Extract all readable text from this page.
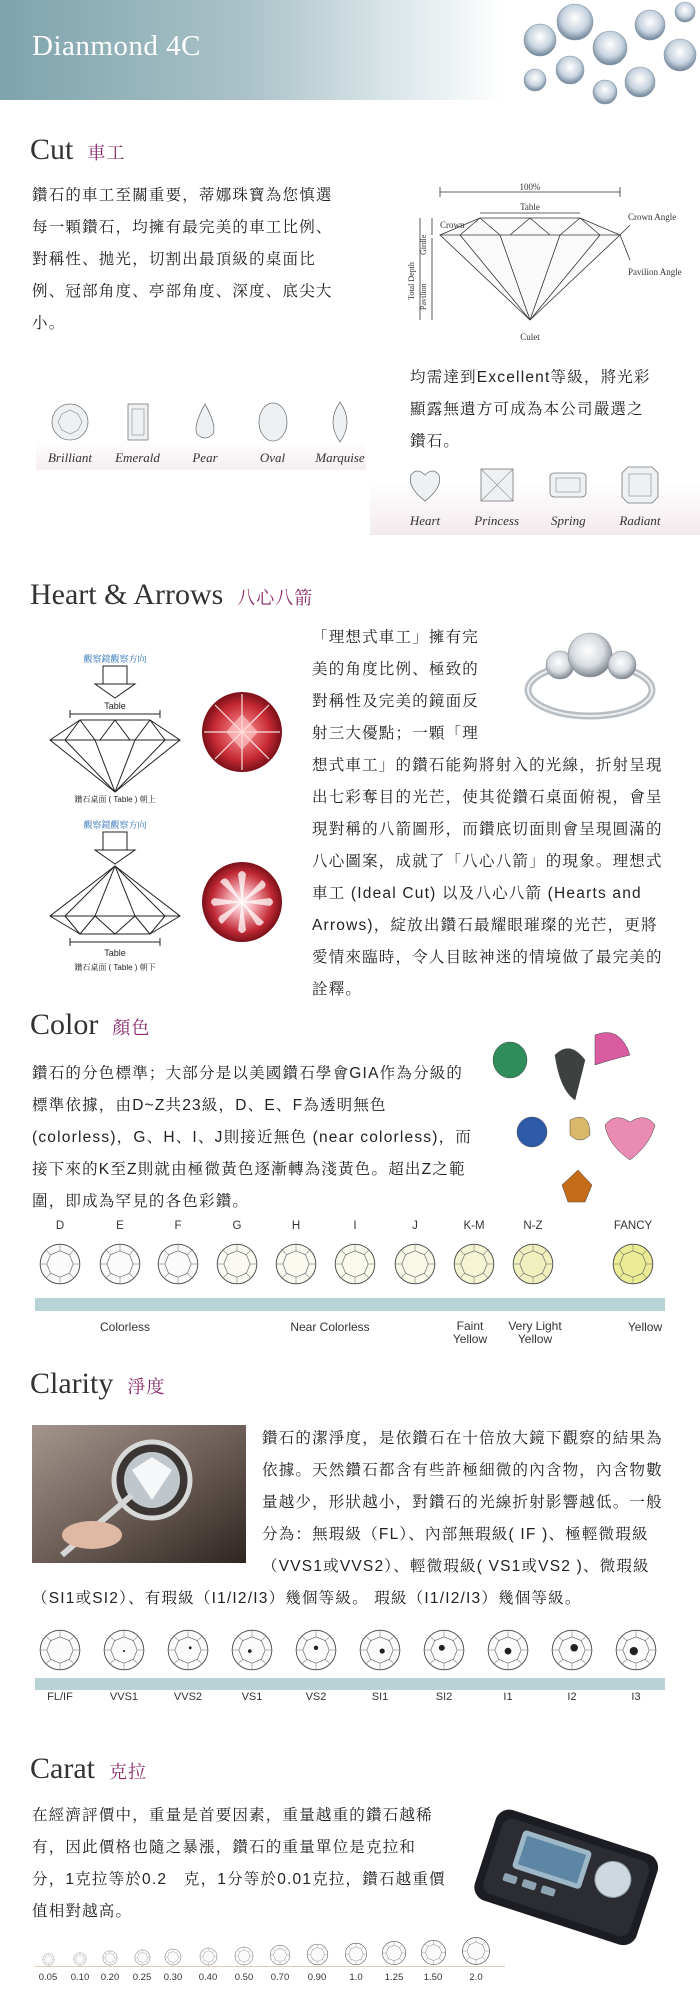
Dianmond 4C
Cut 車工
鑽石的車工至關重要，蒂娜珠寶為您慎選每一顆鑽石，均擁有最完美的車工比例、對稱性、拋光，切割出最頂級的桌面比例、冠部角度、亭部角度、深度、底尖大小。
100%
Table
Crown
Crown Angle
Pavilion Angle
Culet
Total Depth
Girdle
Pavilion
均需達到Excellent等級，將光彩顯露無遺方可成為本公司嚴選之鑽石。
Brilliant Emerald Pear	Oval Marquise
Heart	Princess Spring	Radiant
Heart & Arrows 八心八箭
觀察鏡觀察方向
Table
鑽石桌面 ( Table ) 朝上
觀察鏡觀察方向
Table
鑽石桌面 ( Table ) 朝下
「理想式車工」擁有完美的角度比例、極致的對稱性及完美的鏡面反射三大優點；一顆「理想式車工」的鑽石能夠將射入的光線，折射呈現出七彩奪目的光芒，使其從鑽石桌面俯視，會呈現對稱的八箭圖形，而鑽底切面則會呈現圓滿的八心圖案，成就了「八心八箭」的現象。理想式車工 (Ideal Cut) 以及八心八箭 (Hearts and Arrows)，綻放出鑽石最耀眼璀璨的光芒，更將愛情來臨時，令人目眩神迷的情境做了最完美的詮釋。
Color 顏色
鑽石的分色標準；大部分是以美國鑽石學會GIA作為分級的標準依據，由D~Z共23級，D、E、F為透明無色(colorless)，G、H、I、J則接近無色 (near colorless)，而接下來的K至Z則就由極微黃色逐漸轉為淺黃色。超出Z之範圍，即成為罕見的各色彩鑽。
D	E	F	G	H	I	J	K-M	N-Z	FANCY
Colorless	Near Colorless	Faint Yellow
Very Light Yellow
Yellow
Clarity 淨度
鑽石的潔淨度，是依鑽石在十倍放大鏡下觀察的結果為依據。天然鑽石都含有些許極細微的內含物，內含物數量越少，形狀越小，對鑽石的光線折射影響越低。一般分為：無瑕級（FL）、內部無瑕級( IF )、極輕微瑕級（VVS1或VVS2）、輕微瑕級( VS1或VS2 )、微瑕級（SI1或SI2）、有瑕級（I1/I2/I3）幾個等級。 瑕級（I1/I2/I3）幾個等級。
FL/IF	VVS1	VVS2	VS1	VS2	SI1	SI2	I1	I2	I3
Carat 克拉
在經濟評價中，重量是首要因素，重量越重的鑽石越稀有，因此價格也隨之暴漲，鑽石的重量單位是克拉和分，1克拉等於0.2　克，1分等於0.01克拉，鑽石越重價值相對越高。
0.05	0.10	0.20	0.25	0.30	0.40	0.50	0.70	0.90	1.0	1.25	1.50	2.0
